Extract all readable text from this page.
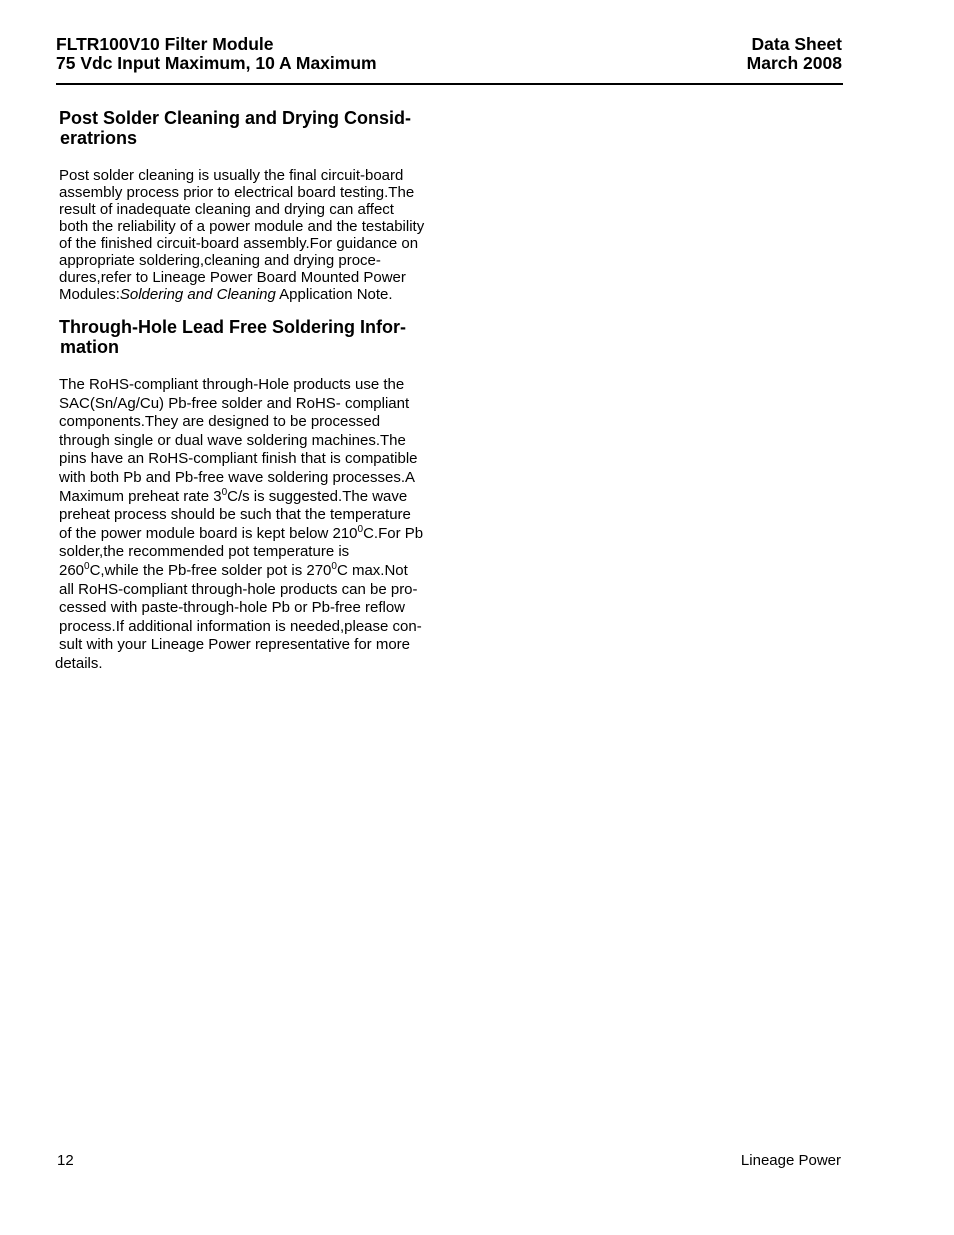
FLTR100V10 Filter Module
75 Vdc Input Maximum, 10 A Maximum
Data Sheet
March 2008
Post Solder Cleaning and Drying Consid-
eratrions

Post solder cleaning is usually the final circuit-board
assembly process prior to electrical board testing.The
result of inadequate cleaning and drying can affect
both the reliability of a power module and the testability
of the finished circuit-board assembly.For guidance on
appropriate soldering,cleaning and drying proce-
dures,refer to Lineage Power Board Mounted Power
Modules:Soldering and Cleaning Application Note.

Through-Hole Lead Free Soldering Infor-
mation

The RoHS-compliant through-Hole products use the
SAC(Sn/Ag/Cu) Pb-free solder and RoHS- compliant
components.They are designed to be processed
through single or dual wave soldering machines.The
pins have an RoHS-compliant finish that is compatible
with both Pb and Pb-free wave soldering processes.A
Maximum preheat rate $3^0C/s$ is suggested.The wave
preheat process should be such that the temperature
of the power module board is kept below $210^0C.For$ Pb
solder,the recommended pot temperature is
$260^0C,while$ the Pb-free solder pot is $270^0C$ max.Not
all RoHS-compliant through-hole products can be pro-
cessed with paste-through-hole Pb or Pb-free reflow
process.If additional information is needed,please con-
sult with your Lineage Power representative for more
details.

12	Lineage Power
